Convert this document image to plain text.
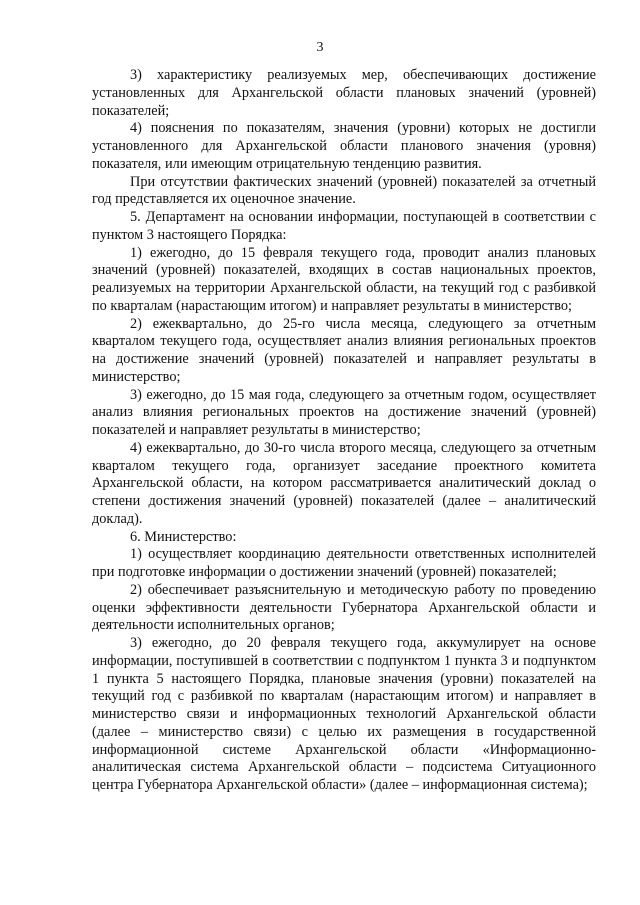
3

3) характеристику реализуемых мер, обеспечивающих достижение установленных для Архангельской области плановых значений (уровней) показателей;

4) пояснения по показателям, значения (уровни) которых не достигли установленного для Архангельской области планового значения (уровня) показателя, или имеющим отрицательную тенденцию развития.

При отсутствии фактических значений (уровней) показателей за отчетный год представляется их оценочное значение.

5. Департамент на основании информации, поступающей в соответствии с пунктом 3 настоящего Порядка:

1) ежегодно, до 15 февраля текущего года, проводит анализ плановых значений (уровней) показателей, входящих в состав национальных проектов, реализуемых на территории Архангельской области, на текущий год с разбивкой по кварталам (нарастающим итогом) и направляет результаты в министерство;

2) ежеквартально, до 25-го числа месяца, следующего за отчетным кварталом текущего года, осуществляет анализ влияния региональных проектов на достижение значений (уровней) показателей и направляет результаты в министерство;

3) ежегодно, до 15 мая года, следующего за отчетным годом, осуществляет анализ влияния региональных проектов на достижение значений (уровней) показателей и направляет результаты в министерство;

4) ежеквартально, до 30-го числа второго месяца, следующего за отчетным кварталом текущего года, организует заседание проектного комитета Архангельской области, на котором рассматривается аналитический доклад о степени достижения значений (уровней) показателей (далее – аналитический доклад).

6. Министерство:

1) осуществляет координацию деятельности ответственных исполнителей при подготовке информации о достижении значений (уровней) показателей;

2) обеспечивает разъяснительную и методическую работу по проведению оценки эффективности деятельности Губернатора Архангельской области и деятельности исполнительных органов;

3) ежегодно, до 20 февраля текущего года, аккумулирует на основе информации, поступившей в соответствии с подпунктом 1 пункта 3 и подпунктом 1 пункта 5 настоящего Порядка, плановые значения (уровни) показателей на текущий год с разбивкой по кварталам (нарастающим итогом) и направляет в министерство связи и информационных технологий Архангельской области (далее – министерство связи) с целью их размещения в государственной информационной системе Архангельской области «Информационно-аналитическая система Архангельской области – подсистема Ситуационного центра Губернатора Архангельской области» (далее – информационная система);
